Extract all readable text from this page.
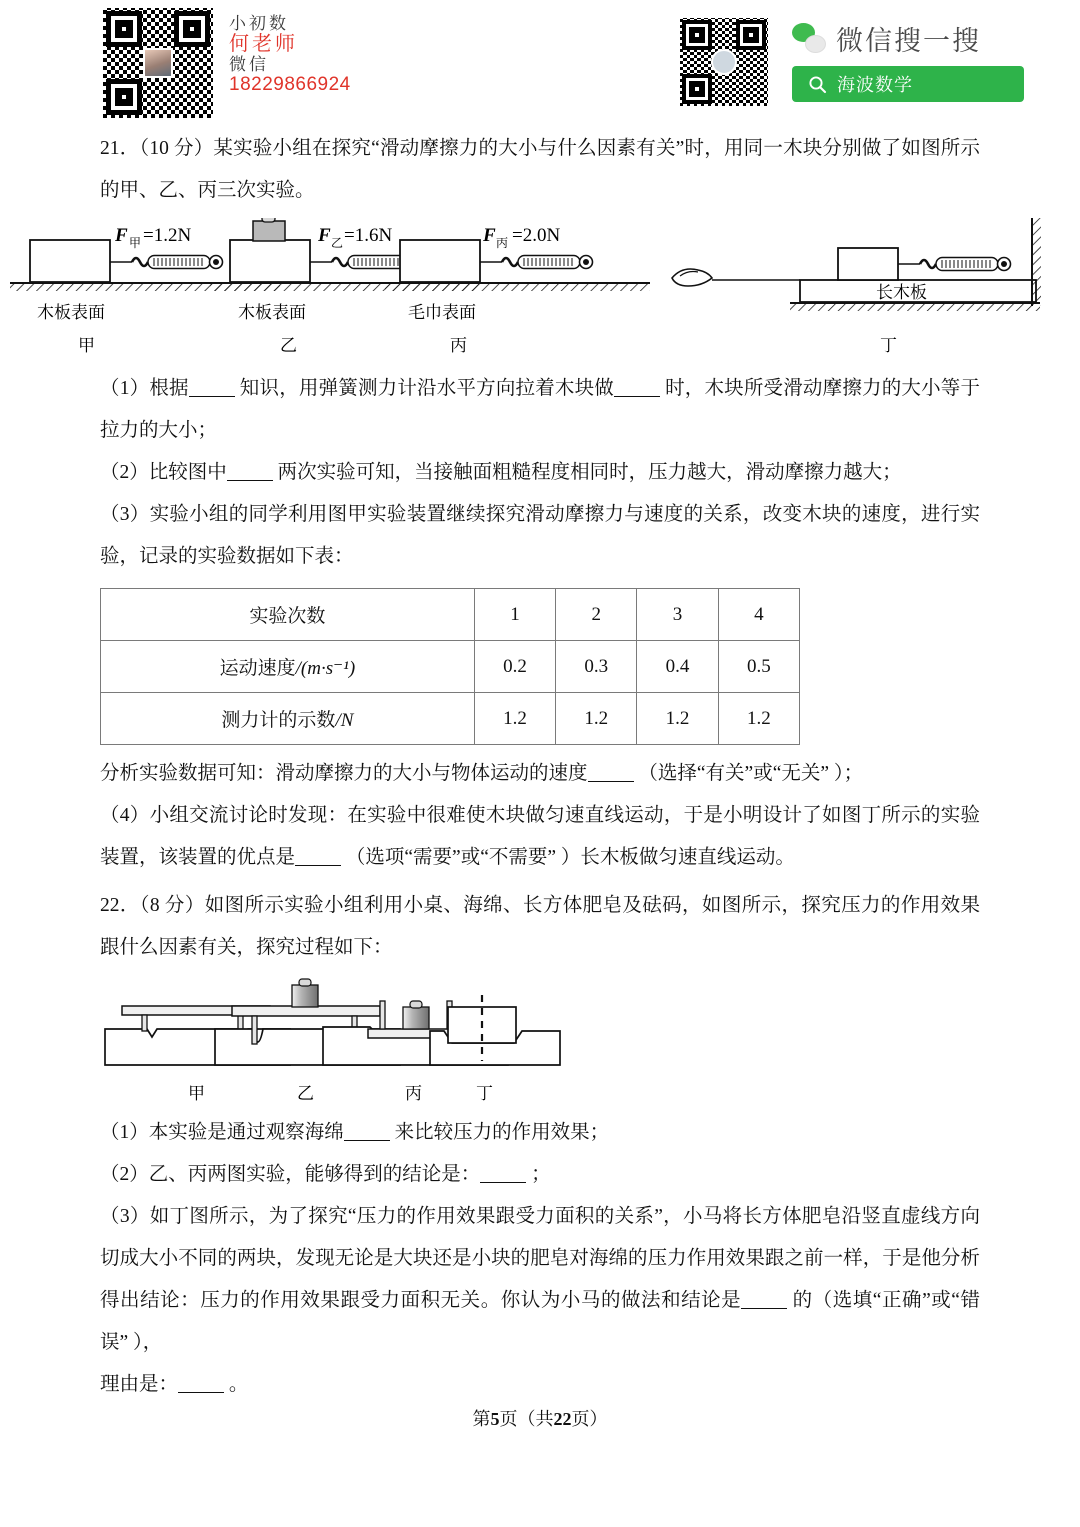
小初数
何老师
微信
18229866924
微信搜一搜
海波数学

21．（10 分）某实验小组在探究“滑动摩擦力的大小与什么因素有关”时，用同一木块分别做了如图所示的甲、乙、丙三次实验。

F 甲 =1.2N
木板表面
甲
F 乙 =1.6N
木板表面
乙
F 丙 =2.0N
毛巾表面
丙
长木板
丁

（1）根据 知识，用弹簧测力计沿水平方向拉着木块做 时，木块所受滑动摩擦力的大小等于拉力的大小；

（2）比较图中 两次实验可知，当接触面粗糙程度相同时，压力越大，滑动摩擦力越大；

（3）实验小组的同学利用图甲实验装置继续探究滑动摩擦力与速度的关系，改变木块的速度，进行实验，记录的实验数据如下表：

实验次数	1	2	3	4
运动速度/(m·s⁻¹)	0.2	0.3	0.4	0.5
测力计的示数/N	1.2	1.2	1.2	1.2

分析实验数据可知：滑动摩擦力的大小与物体运动的速度 （选择“有关”或“无关” ）；

（4）小组交流讨论时发现：在实验中很难使木块做匀速直线运动，于是小明设计了如图丁所示的实验装置，该装置的优点是 （选项“需要”或“不需要” ）长木板做匀速直线运动。

22．（8 分）如图所示实验小组利用小桌、海绵、长方体肥皂及砝码，如图所示，探究压力的作用效果跟什么因素有关，探究过程如下：

甲	乙	丙	丁

（1）本实验是通过观察海绵 来比较压力的作用效果；

（2）乙、丙两图实验，能够得到的结论是： ；

（3）如丁图所示，为了探究“压力的作用效果跟受力面积的关系”，小马将长方体肥皂沿竖直虚线方向切成大小不同的两块，发现无论是大块还是小块的肥皂对海绵的压力作用效果跟之前一样，于是他分析得出结论：压力的作用效果跟受力面积无关。你认为小马的做法和结论是 的（选填“正确”或“错误” ），

理由是： 。

第5页（共22页）
